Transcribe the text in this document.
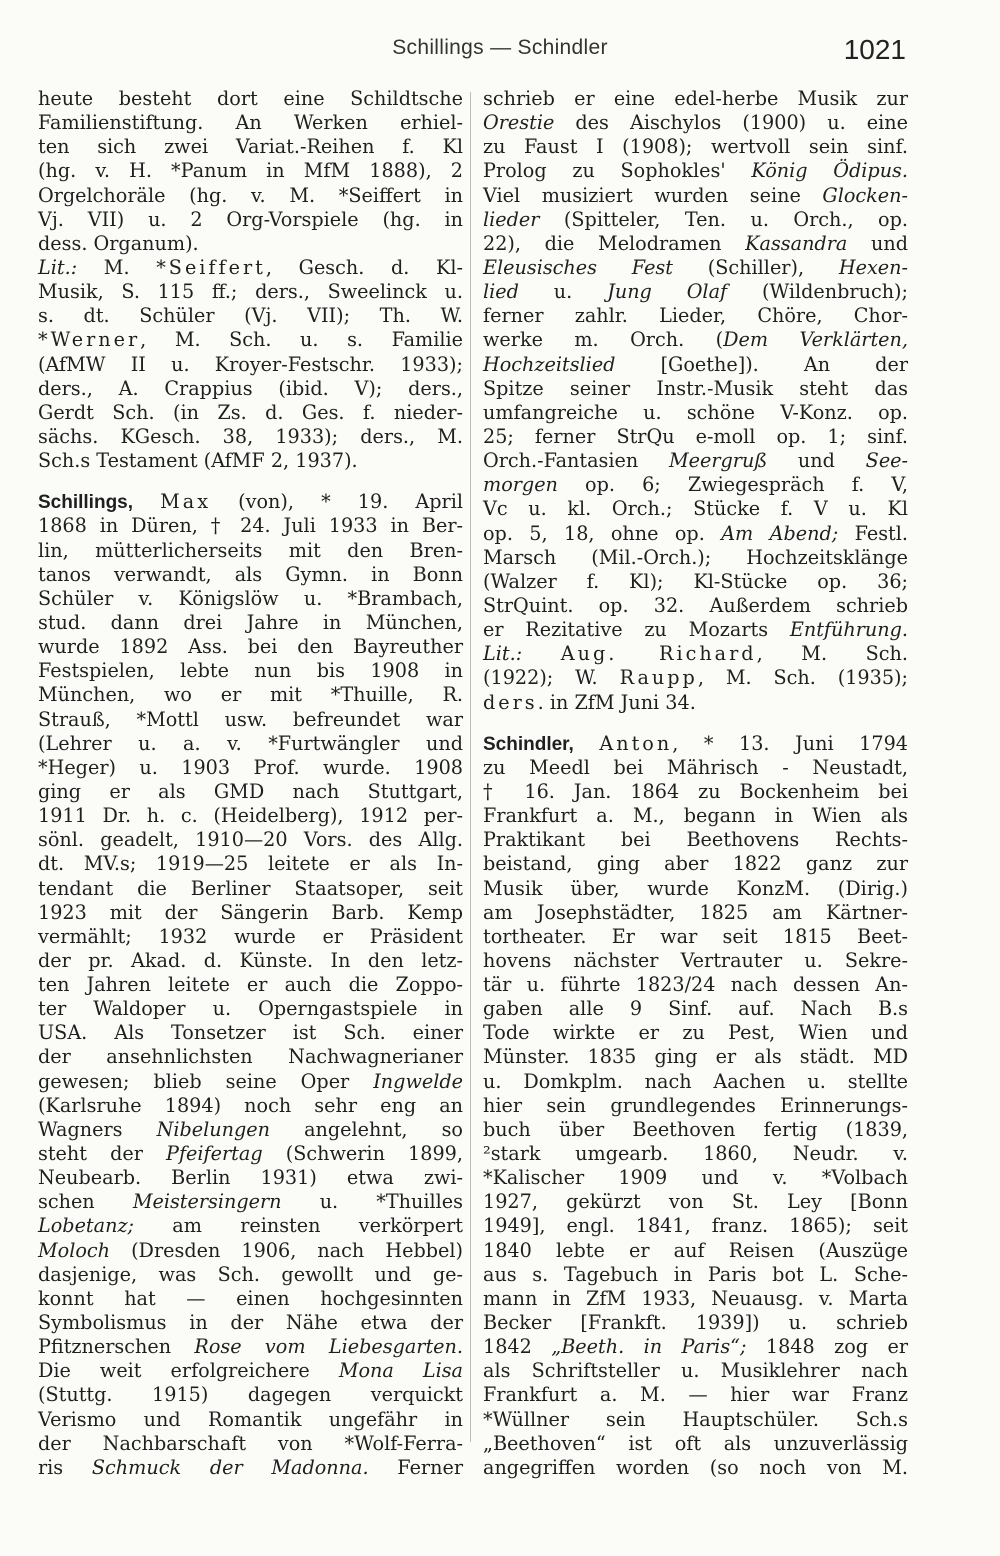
Schillings — Schindler	1021
heute besteht dort eine Schildtsche
Familienstiftung. An Werken erhiel-
ten sich zwei Variat.-Reihen f. Kl
(hg. v. H. *Panum in MfM 1888), 2
Orgelchoräle (hg. v. M. *Seiffert in
Vj. VII) u. 2 Org-Vorspiele (hg. in
dess. Organum).
Lit.: M. *Seiffert, Gesch. d. Kl-
Musik, S. 115 ff.; ders., Sweelinck u.
s. dt. Schüler (Vj. VII); Th. W.
*Werner, M. Sch. u. s. Familie
(AfMW II u. Kroyer-Festschr. 1933);
ders., A. Crappius (ibid. V); ders.,
Gerdt Sch. (in Zs. d. Ges. f. nieder-
sächs. KGesch. 38, 1933); ders., M.
Sch.s Testament (AfMF 2, 1937).
Schillings, Max (von), * 19. April
1868 in Düren, † 24. Juli 1933 in Ber-
lin, mütterlicherseits mit den Bren-
tanos verwandt, als Gymn. in Bonn
Schüler v. Königslöw u. *Brambach,
stud. dann drei Jahre in München,
wurde 1892 Ass. bei den Bayreuther
Festspielen, lebte nun bis 1908 in
München, wo er mit *Thuille, R.
Strauß, *Mottl usw. befreundet war
(Lehrer u. a. v. *Furtwängler und
*Heger) u. 1903 Prof. wurde. 1908
ging er als GMD nach Stuttgart,
1911 Dr. h. c. (Heidelberg), 1912 per-
sönl. geadelt, 1910—20 Vors. des Allg.
dt. MV.s; 1919—25 leitete er als In-
tendant die Berliner Staatsoper, seit
1923 mit der Sängerin Barb. Kemp
vermählt; 1932 wurde er Präsident
der pr. Akad. d. Künste. In den letz-
ten Jahren leitete er auch die Zoppo-
ter Waldoper u. Operngastspiele in
USA. Als Tonsetzer ist Sch. einer
der ansehnlichsten Nachwagnerianer
gewesen; blieb seine Oper Ingwelde
(Karlsruhe 1894) noch sehr eng an
Wagners Nibelungen angelehnt, so
steht der Pfeifertag (Schwerin 1899,
Neubearb. Berlin 1931) etwa zwi-
schen Meistersingern u. *Thuilles
Lobetanz; am reinsten verkörpert
Moloch (Dresden 1906, nach Hebbel)
dasjenige, was Sch. gewollt und ge-
konnt hat — einen hochgesinnten
Symbolismus in der Nähe etwa der
Pfitznerschen Rose vom Liebesgarten.
Die weit erfolgreichere Mona Lisa
(Stuttg. 1915) dagegen verquickt
Verismo und Romantik ungefähr in
der Nachbarschaft von *Wolf-Ferra-
ris Schmuck der Madonna. Ferner
schrieb er eine edel-herbe Musik zur
Orestie des Aischylos (1900) u. eine
zu Faust I (1908); wertvoll sein sinf.
Prolog zu Sophokles' König Ödipus.
Viel musiziert wurden seine Glocken-
lieder (Spitteler, Ten. u. Orch., op.
22), die Melodramen Kassandra und
Eleusisches Fest (Schiller), Hexen-
lied u. Jung Olaf (Wildenbruch);
ferner zahlr. Lieder, Chöre, Chor-
werke m. Orch. (Dem Verklärten,
Hochzeitslied [Goethe]). An der
Spitze seiner Instr.-Musik steht das
umfangreiche u. schöne V-Konz. op.
25; ferner StrQu e-moll op. 1; sinf.
Orch.-Fantasien Meergruß und See-
morgen op. 6; Zwiegespräch f. V,
Vc u. kl. Orch.; Stücke f. V u. Kl
op. 5, 18, ohne op. Am Abend; Festl.
Marsch (Mil.-Orch.); Hochzeitsklänge
(Walzer f. Kl); Kl-Stücke op. 36;
StrQuint. op. 32. Außerdem schrieb
er Rezitative zu Mozarts Entführung.
Lit.: Aug. Richard, M. Sch.
(1922); W. Raupp, M. Sch. (1935);
ders. in ZfM Juni 34.
Schindler, Anton, * 13. Juni 1794
zu Meedl bei Mährisch - Neustadt,
† 16. Jan. 1864 zu Bockenheim bei
Frankfurt a. M., begann in Wien als
Praktikant bei Beethovens Rechts-
beistand, ging aber 1822 ganz zur
Musik über, wurde KonzM. (Dirig.)
am Josephstädter, 1825 am Kärtner-
tortheater. Er war seit 1815 Beet-
hovens nächster Vertrauter u. Sekre-
tär u. führte 1823/24 nach dessen An-
gaben alle 9 Sinf. auf. Nach B.s
Tode wirkte er zu Pest, Wien und
Münster. 1835 ging er als städt. MD
u. Domkplm. nach Aachen u. stellte
hier sein grundlegendes Erinnerungs-
buch über Beethoven fertig (1839,
²stark umgearb. 1860, Neudr. v.
*Kalischer 1909 und v. *Volbach
1927, gekürzt von St. Ley [Bonn
1949], engl. 1841, franz. 1865); seit
1840 lebte er auf Reisen (Auszüge
aus s. Tagebuch in Paris bot L. Sche-
mann in ZfM 1933, Neuausg. v. Marta
Becker [Frankft. 1939]) u. schrieb
1842 „Beeth. in Paris“; 1848 zog er
als Schriftsteller u. Musiklehrer nach
Frankfurt a. M. — hier war Franz
*Wüllner sein Hauptschüler. Sch.s
„Beethoven“ ist oft als unzuverlässig
angegriffen worden (so noch von M.
